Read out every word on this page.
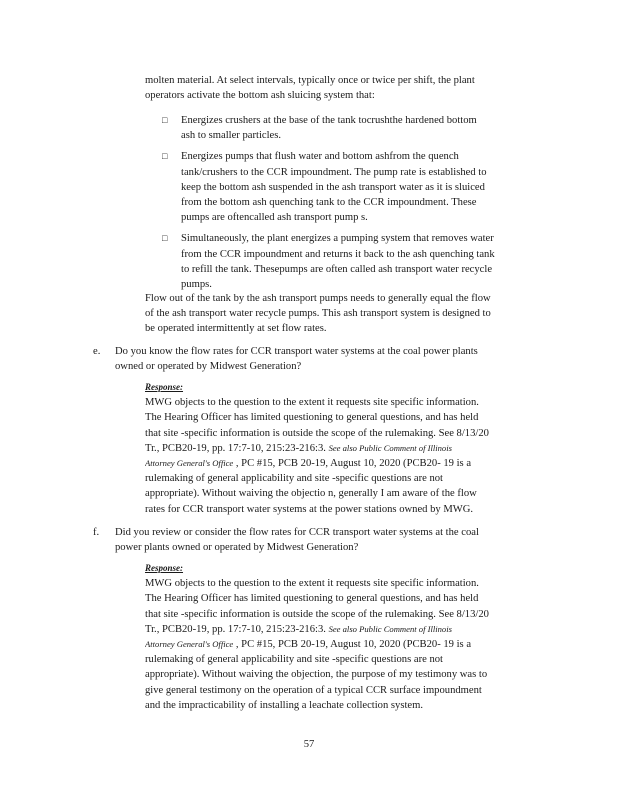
molten material. At select intervals, typically once or twice per shift, the plant
operators activate the bottom ash sluicing system that:
□ Energizes crushers at the base of the tank tocrushthe hardened bottom
ash to smaller particles.
□ Energizes pumps that flush water and bottom ashfrom the quench
tank/crushers to the CCR impoundment. The pump rate is established to
keep the bottom ash suspended in the ash transport water as it is sluiced
from the bottom ash quenching tank to the CCR impoundment. These
pumps are oftencalled ash transport pump s.
□ Simultaneously, the plant energizes a pumping system that removes water
from the CCR impoundment and returns it back to the ash quenching tank
to refill the tank. Thesepumps are often called ash transport water recycle
pumps.
Flow out of the tank by the ash transport pumps needs to generally equal the flow
of the ash transport water recycle pumps. This ash transport system is designed to
be operated intermittently at set flow rates.
e. Do you know the flow rates for CCR transport water systems at the coal power plants
owned or operated by Midwest Generation?
Response:
MWG objects to the question to the extent it requests site specific information.
The Hearing Officer has limited questioning to general questions, and has held
that site -specific information is outside the scope of the rulemaking. See 8/13/20
Tr., PCB20-19, pp. 17:7-10, 215:23-216:3. See also Public Comment of Illinois
Attorney General's Office , PC #15, PCB 20-19, August 10, 2020 (PCB20- 19 is a
rulemaking of general applicability and site -specific questions are not
appropriate). Without waiving the objectio n, generally I am aware of the flow
rates for CCR transport water systems at the power stations owned by MWG.
f. Did you review or consider the flow rates for CCR transport water systems at the coal
power plants owned or operated by Midwest Generation?
Response:
MWG objects to the question to the extent it requests site specific information.
The Hearing Officer has limited questioning to general questions, and has held
that site -specific information is outside the scope of the rulemaking. See 8/13/20
Tr., PCB20-19, pp. 17:7-10, 215:23-216:3. See also Public Comment of Illinois
Attorney General's Office , PC #15, PCB 20-19, August 10, 2020 (PCB20- 19 is a
rulemaking of general applicability and site -specific questions are not
appropriate). Without waiving the objection, the purpose of my testimony was to
give general testimony on the operation of a typical CCR surface impoundment
and the impracticability of installing a leachate collection system.
57
